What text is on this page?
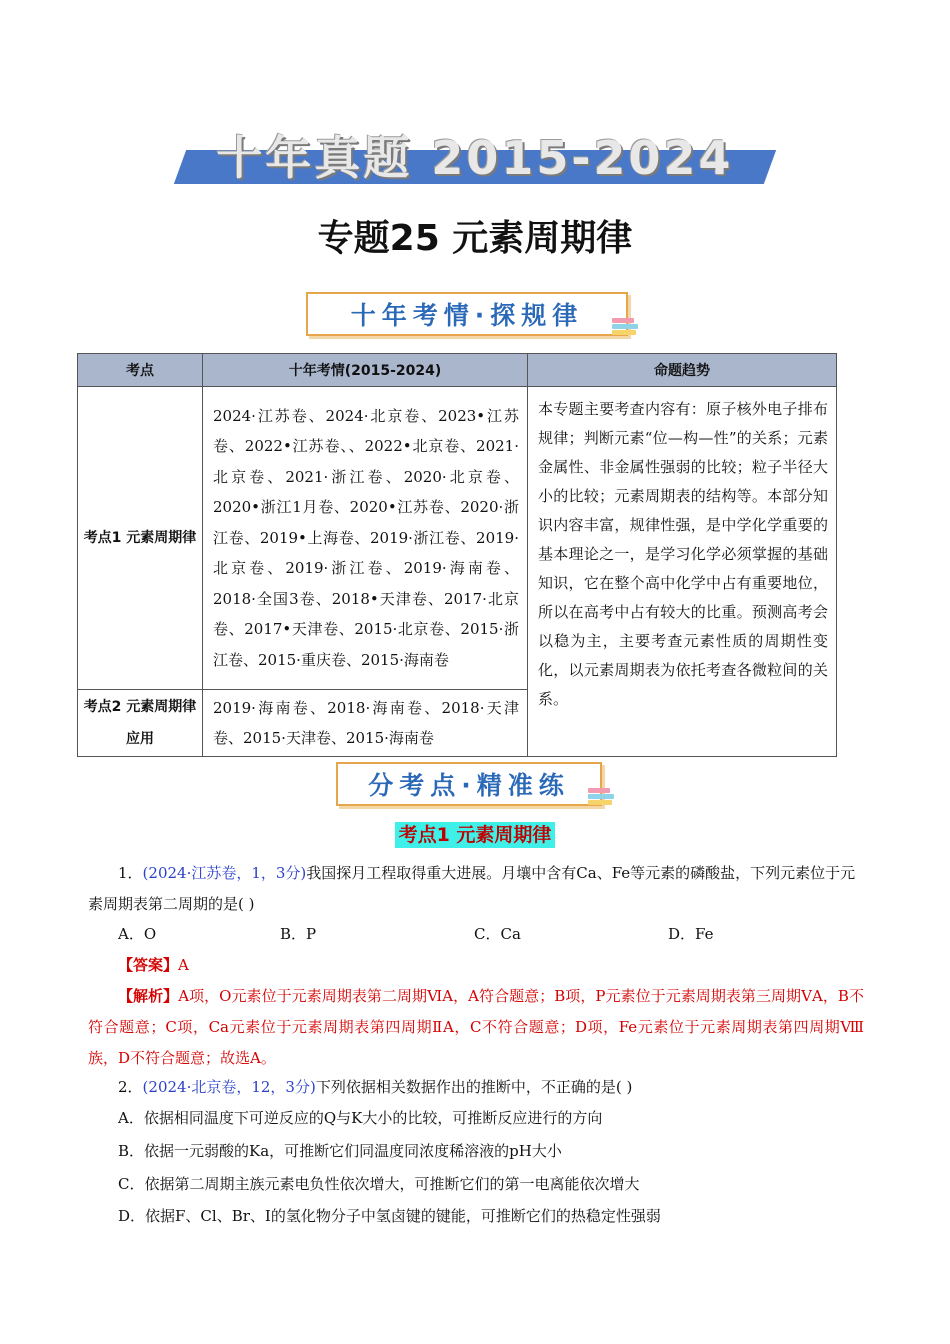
十年真题 2015-2024
专题25 元素周期律
十年考情·探规律
考点	十年考情(2015-2024)	命题趋势
考点1 元素周期律	2024·江苏卷、2024·北京卷、2023•江苏卷、2022•江苏卷、、2022•北京卷、2021·北京卷、2021·浙江卷、2020·北京卷、2020•浙江1月卷、2020•江苏卷、2020·浙江卷、2019•上海卷、2019·浙江卷、2019·北京卷、2019·浙江卷、2019·海南卷、2018·全国3卷、2018•天津卷、2017·北京卷、2017•天津卷、2015·北京卷、2015·浙江卷、2015·重庆卷、2015·海南卷	本专题主要考查内容有：原子核外电子排布规律；判断元素“位—构—性”的关系；元素金属性、非金属性强弱的比较；粒子半径大小的比较；元素周期表的结构等。本部分知识内容丰富，规律性强，是中学化学重要的基本理论之一，是学习化学必须掌握的基础知识，它在整个高中化学中占有重要地位，所以在高考中占有较大的比重。预测高考会以稳为主，主要考查元素性质的周期性变化，以元素周期表为依托考查各微粒间的关系。
考点2 元素周期律应用	2019·海南卷、2018·海南卷、2018·天津卷、2015·天津卷、2015·海南卷	
分考点·精准练
考点1 元素周期律
1．(2024·江苏卷，1，3分)我国探月工程取得重大进展。月壤中含有Ca、Fe等元素的磷酸盐，下列元素位于元素周期表第二周期的是( )
A．O	B．P	C．Ca	D．Fe
【答案】A
【解析】A项，O元素位于元素周期表第二周期ⅥA，A符合题意；B项，P元素位于元素周期表第三周期ⅤA，B不符合题意；C项，Ca元素位于元素周期表第四周期ⅡA，C不符合题意；D项，Fe元素位于元素周期表第四周期Ⅷ族，D不符合题意；故选A。
2．(2024·北京卷，12，3分)下列依据相关数据作出的推断中，不正确的是( )
A．依据相同温度下可逆反应的Q与K大小的比较，可推断反应进行的方向
B．依据一元弱酸的Ka，可推断它们同温度同浓度稀溶液的pH大小
C．依据第二周期主族元素电负性依次增大，可推断它们的第一电离能依次增大
D．依据F、Cl、Br、I的氢化物分子中氢卤键的键能，可推断它们的热稳定性强弱
